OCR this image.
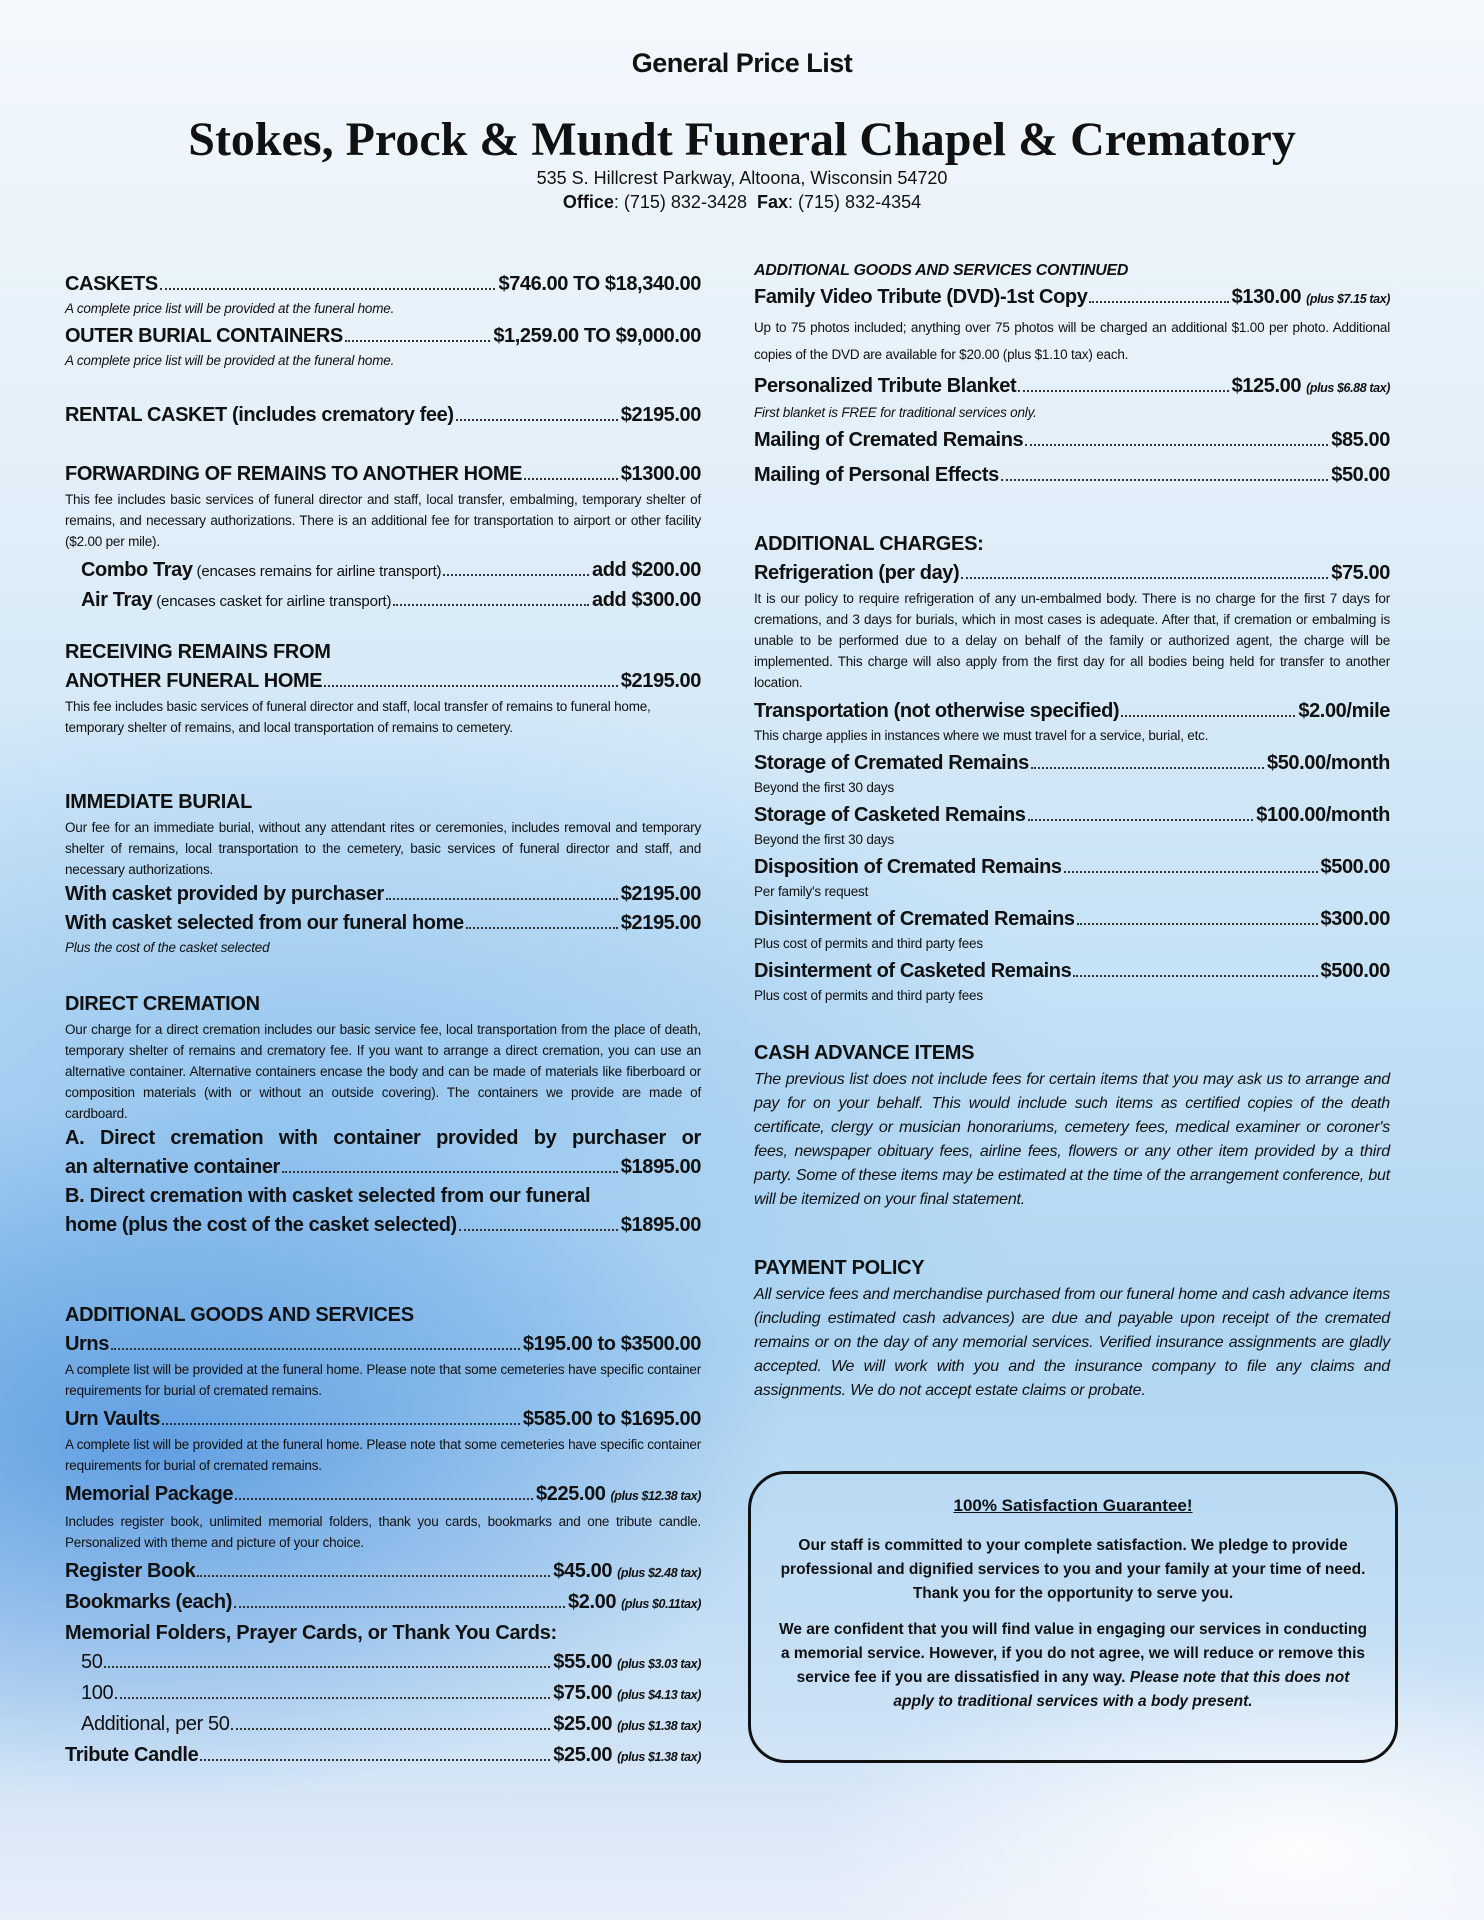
General Price List
Stokes, Prock & Mundt Funeral Chapel & Crematory
535 S. Hillcrest Parkway, Altoona, Wisconsin 54720
Office: (715) 832-3428 Fax: (715) 832-4354
CASKETS	$746.00 TO $18,340.00
A complete price list will be provided at the funeral home.
OUTER BURIAL CONTAINERS	$1,259.00 TO $9,000.00
A complete price list will be provided at the funeral home.
RENTAL CASKET (includes crematory fee)	$2195.00
FORWARDING OF REMAINS TO ANOTHER HOME	$1300.00
This fee includes basic services of funeral director and staff, local transfer, embalming, temporary shelter of remains, and necessary authorizations. There is an additional fee for transportation to airport or other facility ($2.00 per mile).
Combo Tray (encases remains for airline transport)	add $200.00
Air Tray (encases casket for airline transport)	add $300.00
RECEIVING REMAINS FROM
ANOTHER FUNERAL HOME	$2195.00
This fee includes basic services of funeral director and staff, local transfer of remains to funeral home, temporary shelter of remains, and local transportation of remains to cemetery.
IMMEDIATE BURIAL
Our fee for an immediate burial, without any attendant rites or ceremonies, includes removal and temporary shelter of remains, local transportation to the cemetery, basic services of funeral director and staff, and necessary authorizations.
With casket provided by purchaser	$2195.00
With casket selected from our funeral home	$2195.00
Plus the cost of the casket selected
DIRECT CREMATION
Our charge for a direct cremation includes our basic service fee, local transportation from the place of death, temporary shelter of remains and crematory fee. If you want to arrange a direct cremation, you can use an alternative container. Alternative containers encase the body and can be made of materials like fiberboard or composition materials (with or without an outside covering). The containers we provide are made of cardboard.
A. Direct cremation with container provided by purchaser or
an alternative container	$1895.00
B. Direct cremation with casket selected from our funeral
home (plus the cost of the casket selected)	$1895.00
ADDITIONAL GOODS AND SERVICES
Urns	$195.00 to $3500.00
A complete list will be provided at the funeral home. Please note that some cemeteries have specific container requirements for burial of cremated remains.
Urn Vaults	$585.00 to $1695.00
A complete list will be provided at the funeral home. Please note that some cemeteries have specific container requirements for burial of cremated remains.
Memorial Package	$225.00 (plus $12.38 tax)
Includes register book, unlimited memorial folders, thank you cards, bookmarks and one tribute candle. Personalized with theme and picture of your choice.
Register Book	$45.00 (plus $2.48 tax)
Bookmarks (each)	$2.00 (plus $0.11tax)
Memorial Folders, Prayer Cards, or Thank You Cards:
50	$55.00 (plus $3.03 tax)
100	$75.00 (plus $4.13 tax)
Additional, per 50	$25.00 (plus $1.38 tax)
Tribute Candle	$25.00 (plus $1.38 tax)
ADDITIONAL GOODS AND SERVICES CONTINUED
Family Video Tribute (DVD)-1st Copy	$130.00 (plus $7.15 tax)
Up to 75 photos included; anything over 75 photos will be charged an additional $1.00 per photo. Additional copies of the DVD are available for $20.00 (plus $1.10 tax) each.
Personalized Tribute Blanket	$125.00 (plus $6.88 tax)
First blanket is FREE for traditional services only.
Mailing of Cremated Remains	$85.00
Mailing of Personal Effects	$50.00
ADDITIONAL CHARGES:
Refrigeration (per day)	$75.00
It is our policy to require refrigeration of any un-embalmed body. There is no charge for the first 7 days for cremations, and 3 days for burials, which in most cases is adequate. After that, if cremation or embalming is unable to be performed due to a delay on behalf of the family or authorized agent, the charge will be implemented. This charge will also apply from the first day for all bodies being held for transfer to another location.
Transportation (not otherwise specified)	$2.00/mile
This charge applies in instances where we must travel for a service, burial, etc.
Storage of Cremated Remains	$50.00/month
Beyond the first 30 days
Storage of Casketed Remains	$100.00/month
Beyond the first 30 days
Disposition of Cremated Remains	$500.00
Per family's request
Disinterment of Cremated Remains	$300.00
Plus cost of permits and third party fees
Disinterment of Casketed Remains	$500.00
Plus cost of permits and third party fees
CASH ADVANCE ITEMS
The previous list does not include fees for certain items that you may ask us to arrange and pay for on your behalf. This would include such items as certified copies of the death certificate, clergy or musician honorariums, cemetery fees, medical examiner or coroner's fees, newspaper obituary fees, airline fees, flowers or any other item provided by a third party. Some of these items may be estimated at the time of the arrangement conference, but will be itemized on your final statement.
PAYMENT POLICY
All service fees and merchandise purchased from our funeral home and cash advance items (including estimated cash advances) are due and payable upon receipt of the cremated remains or on the day of any memorial services. Verified insurance assignments are gladly accepted. We will work with you and the insurance company to file any claims and assignments. We do not accept estate claims or probate.
100% Satisfaction Guarantee!

Our staff is committed to your complete satisfaction. We pledge to provide professional and dignified services to you and your family at your time of need. Thank you for the opportunity to serve you.

We are confident that you will find value in engaging our services in conducting a memorial service. However, if you do not agree, we will reduce or remove this service fee if you are dissatisfied in any way. Please note that this does not apply to traditional services with a body present.
